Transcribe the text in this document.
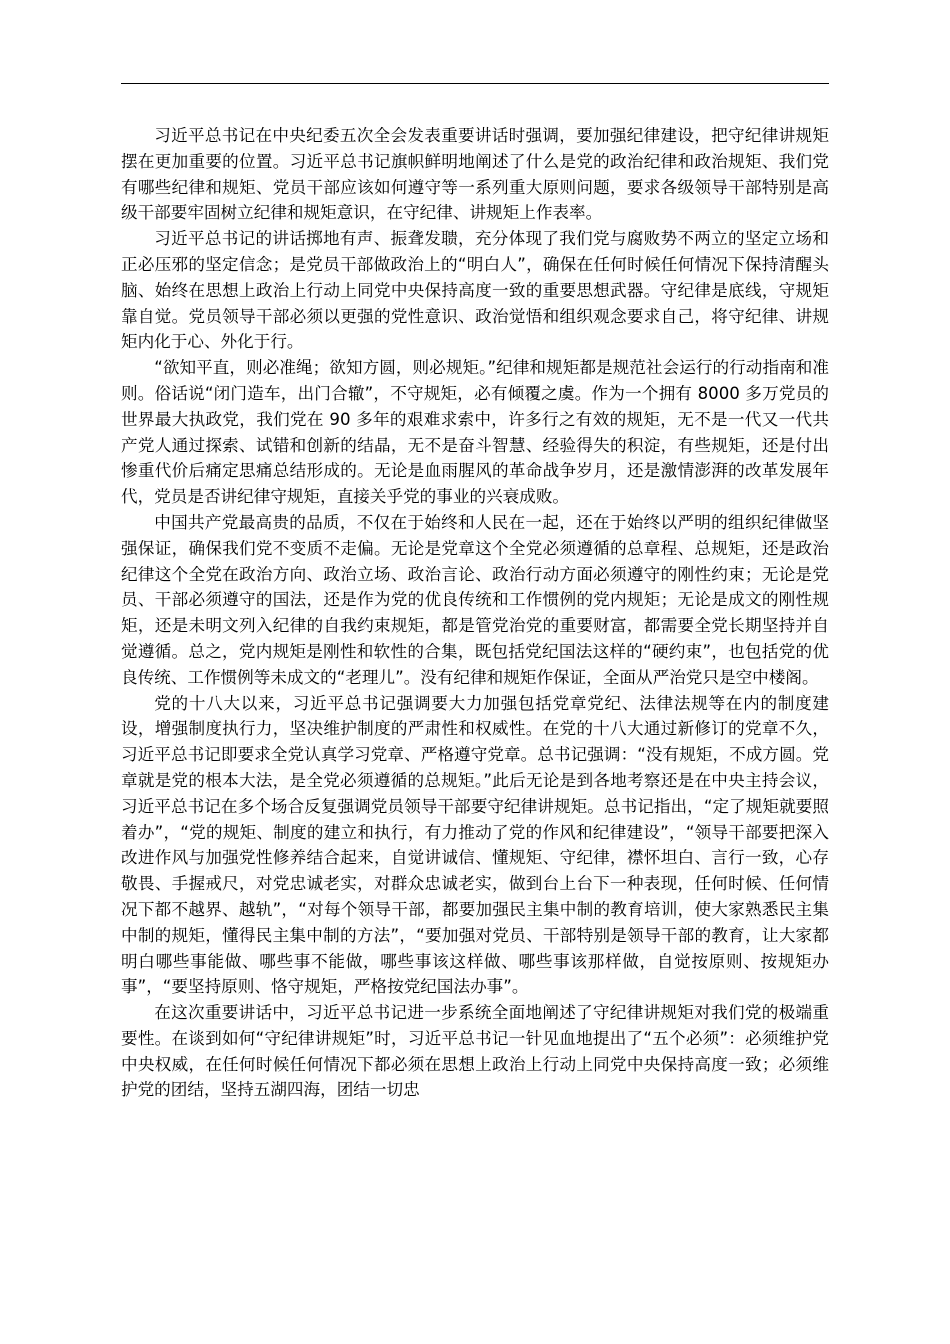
习近平总书记在中央纪委五次全会发表重要讲话时强调，要加强纪律建设，把守纪律讲规矩摆在更加重要的位置。习近平总书记旗帜鲜明地阐述了什么是党的政治纪律和政治规矩、我们党有哪些纪律和规矩、党员干部应该如何遵守等一系列重大原则问题，要求各级领导干部特别是高级干部要牢固树立纪律和规矩意识，在守纪律、讲规矩上作表率。

习近平总书记的讲话掷地有声、振聋发聩，充分体现了我们党与腐败势不两立的坚定立场和正必压邪的坚定信念；是党员干部做政治上的“明白人”，确保在任何时候任何情况下保持清醒头脑、始终在思想上政治上行动上同党中央保持高度一致的重要思想武器。守纪律是底线，守规矩靠自觉。党员领导干部必须以更强的党性意识、政治觉悟和组织观念要求自己，将守纪律、讲规矩内化于心、外化于行。

“欲知平直，则必准绳；欲知方圆，则必规矩。”纪律和规矩都是规范社会运行的行动指南和准则。俗话说“闭门造车，出门合辙”，不守规矩，必有倾覆之虞。作为一个拥有 8000 多万党员的世界最大执政党，我们党在 90 多年的艰难求索中，许多行之有效的规矩，无不是一代又一代共产党人通过探索、试错和创新的结晶，无不是奋斗智慧、经验得失的积淀，有些规矩，还是付出惨重代价后痛定思痛总结形成的。无论是血雨腥风的革命战争岁月，还是激情澎湃的改革发展年代，党员是否讲纪律守规矩，直接关乎党的事业的兴衰成败。

中国共产党最高贵的品质，不仅在于始终和人民在一起，还在于始终以严明的组织纪律做坚强保证，确保我们党不变质不走偏。无论是党章这个全党必须遵循的总章程、总规矩，还是政治纪律这个全党在政治方向、政治立场、政治言论、政治行动方面必须遵守的刚性约束；无论是党员、干部必须遵守的国法，还是作为党的优良传统和工作惯例的党内规矩；无论是成文的刚性规矩，还是未明文列入纪律的自我约束规矩，都是管党治党的重要财富，都需要全党长期坚持并自觉遵循。总之，党内规矩是刚性和软性的合集，既包括党纪国法这样的“硬约束”，也包括党的优良传统、工作惯例等未成文的“老理儿”。没有纪律和规矩作保证，全面从严治党只是空中楼阁。

党的十八大以来，习近平总书记强调要大力加强包括党章党纪、法律法规等在内的制度建设，增强制度执行力，坚决维护制度的严肃性和权威性。在党的十八大通过新修订的党章不久，习近平总书记即要求全党认真学习党章、严格遵守党章。总书记强调：“没有规矩，不成方圆。党章就是党的根本大法，是全党必须遵循的总规矩。”此后无论是到各地考察还是在中央主持会议，习近平总书记在多个场合反复强调党员领导干部要守纪律讲规矩。总书记指出，“定了规矩就要照着办”，“党的规矩、制度的建立和执行，有力推动了党的作风和纪律建设”，“领导干部要把深入改进作风与加强党性修养结合起来，自觉讲诚信、懂规矩、守纪律，襟怀坦白、言行一致，心存敬畏、手握戒尺，对党忠诚老实，对群众忠诚老实，做到台上台下一种表现，任何时候、任何情况下都不越界、越轨”，“对每个领导干部，都要加强民主集中制的教育培训，使大家熟悉民主集中制的规矩，懂得民主集中制的方法”，“要加强对党员、干部特别是领导干部的教育，让大家都明白哪些事能做、哪些事不能做，哪些事该这样做、哪些事该那样做，自觉按原则、按规矩办事”，“要坚持原则、恪守规矩，严格按党纪国法办事”。

在这次重要讲话中，习近平总书记进一步系统全面地阐述了守纪律讲规矩对我们党的极端重要性。在谈到如何“守纪律讲规矩”时，习近平总书记一针见血地提出了“五个必须”：必须维护党中央权威，在任何时候任何情况下都必须在思想上政治上行动上同党中央保持高度一致；必须维护党的团结，坚持五湖四海，团结一切忠
